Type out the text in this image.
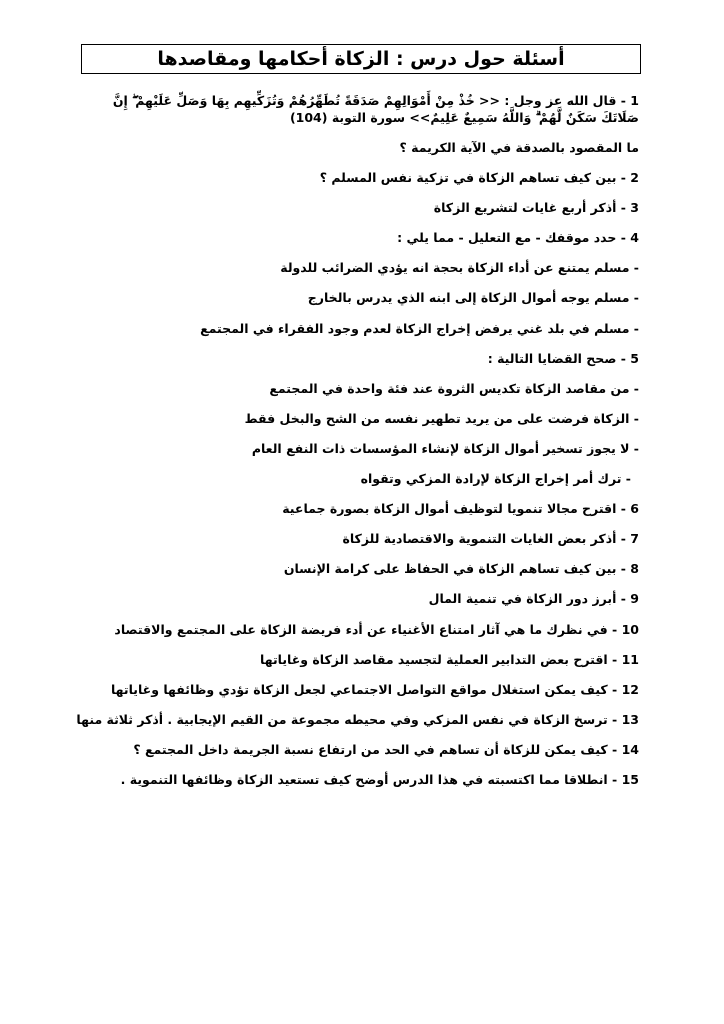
أسئلة حول درس : الزكاة أحكامها ومقاصدها
1 - قال الله عز وجل : << خُذْ مِنْ أَمْوَالِهِمْ صَدَقَةً تُطَهِّرُهُمْ وَتُزَكِّيهِم بِهَا وَصَلِّ عَلَيْهِمْ ۖ إِنَّ صَلَاتَكَ سَكَنٌ لَّهُمْ ۗ وَاللَّهُ سَمِيعٌ عَلِيمٌ>> سورة التوبة (104)
ما المقصود بالصدقة في الآية الكريمة ؟
2 - بين كيف تساهم الزكاة في تزكية نفس المسلم ؟
3 - أذكر أربع غايات لتشريع الزكاة
4 - حدد موقفك - مع التعليل - مما يلي :
- مسلم يمتنع عن أداء الزكاة بحجة انه يؤدي الضرائب للدولة
- مسلم يوجه أموال الزكاة إلى ابنه الذي يدرس بالخارج
- مسلم في بلد غني يرفض إخراج الزكاة لعدم وجود الفقراء في المجتمع
5 - صحح القضايا التالية :
- من مقاصد الزكاة تكديس الثروة عند فئة واحدة في المجتمع
- الزكاة فرضت على من يريد تطهير نفسه من الشح والبخل فقط
- لا يجوز تسخير أموال الزكاة لإنشاء المؤسسات ذات النفع العام
- ترك أمر إخراج الزكاة لإرادة المزكي وتقواه
6 - اقترح مجالا تنمويا لتوظيف أموال الزكاة بصورة جماعية
7 - أذكر بعض الغايات التنموية والاقتصادية للزكاة
8 - بين كيف تساهم الزكاة في الحفاظ على كرامة الإنسان
9 - أبرز دور الزكاة في تنمية المال
10 - في نظرك ما هي آثار امتناع الأغنياء عن أدء فريضة الزكاة على المجتمع والاقتصاد
11 - اقترح بعض التدابير العملية لتجسيد مقاصد الزكاة وغاياتها
12 - كيف يمكن استغلال مواقع التواصل الاجتماعي لجعل الزكاة تؤدي وظائفها وغاياتها
13 - ترسخ الزكاة في نفس المزكي وفي محيطه مجموعة من القيم الإيجابية . أذكر ثلاثة منها
14 - كيف يمكن للزكاة أن تساهم في الحد من ارتفاع نسبة الجريمة داخل المجتمع ؟
15 - انطلاقا مما اكتسبته في هذا الدرس أوضح كيف تستعيد الزكاة وظائفها التنموية .
